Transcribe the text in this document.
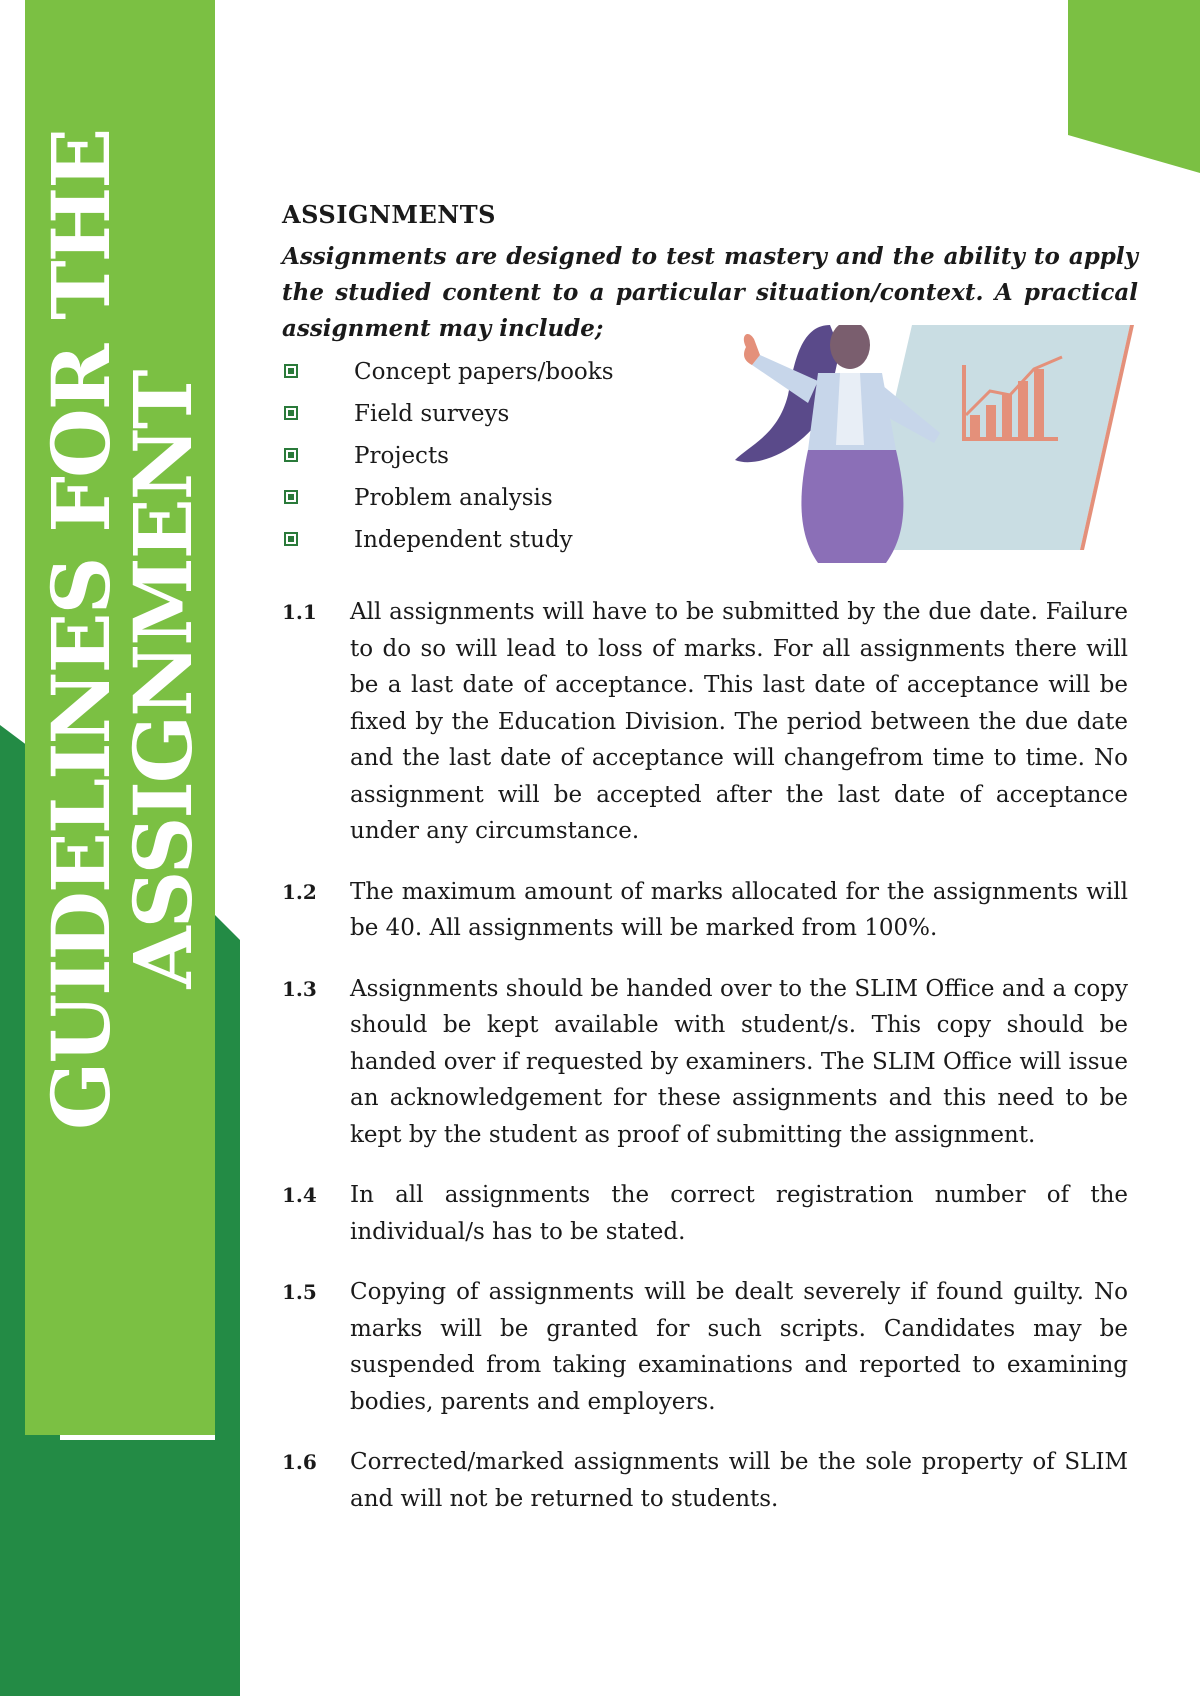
GUIDELINES FOR THE
ASSIGNMENT
ASSIGNMENTS

Assignments are designed to test mastery and the ability to apply the studied content to a particular situation/context. A practical assignment may include;

Concept papers/books
Field surveys
Projects
Problem analysis
Independent study
1.1 All assignments will have to be submitted by the due date. Failure to do so will lead to loss of marks. For all assignments there will be a last date of acceptance. This last date of acceptance will be fixed by the Education Division. The period between the due date and the last date of acceptance will changefrom time to time. No assignment will be accepted after the last date of acceptance under any circumstance.

1.2 The maximum amount of marks allocated for the assignments will be 40. All assignments will be marked from 100%.

1.3 Assignments should be handed over to the SLIM Office and a copy should be kept available with student/s. This copy should be handed over if requested by examiners. The SLIM Office will issue an acknowledgement for these assignments and this need to be kept by the student as proof of submitting the assignment.

1.4 In all assignments the correct registration number of the individual/s has to be stated.

1.5 Copying of assignments will be dealt severely if found guilty. No marks will be granted for such scripts. Candidates may be suspended from taking examinations and reported to examining bodies, parents and employers.

1.6 Corrected/marked assignments will be the sole property of SLIM and will not be returned to students.
